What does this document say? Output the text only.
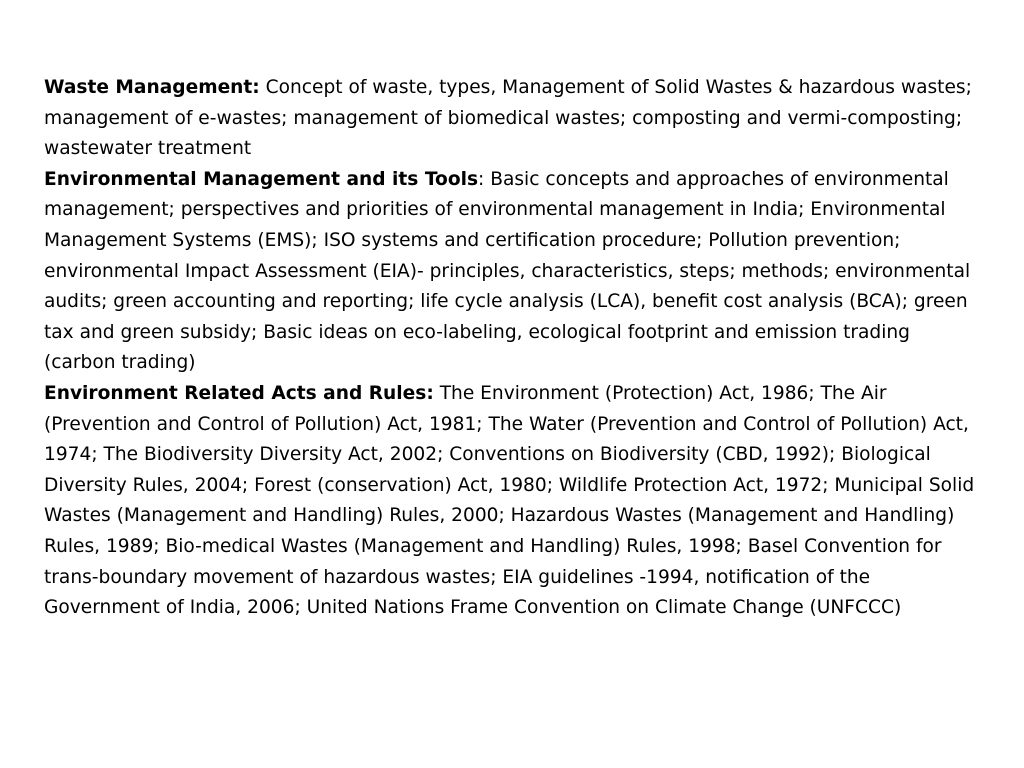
Waste Management: Concept of waste, types, Management of Solid Wastes & hazardous wastes; management of e-wastes; management of biomedical wastes; composting and vermi-composting; wastewater treatment

Environmental Management and its Tools: Basic concepts and approaches of environmental management; perspectives and priorities of environmental management in India; Environmental Management Systems (EMS); ISO systems and certification procedure; Pollution prevention; environmental Impact Assessment (EIA)- principles, characteristics, steps; methods; environmental audits; green accounting and reporting; life cycle analysis (LCA), benefit cost analysis (BCA); green tax and green subsidy; Basic ideas on eco-labeling, ecological footprint and emission trading (carbon trading)

Environment Related Acts and Rules: The Environment (Protection) Act, 1986; The Air (Prevention and Control of Pollution) Act, 1981; The Water (Prevention and Control of Pollution) Act, 1974; The Biodiversity Diversity Act, 2002; Conventions on Biodiversity (CBD, 1992); Biological Diversity Rules, 2004; Forest (conservation) Act, 1980; Wildlife Protection Act, 1972; Municipal Solid Wastes (Management and Handling) Rules, 2000; Hazardous Wastes (Management and Handling) Rules, 1989; Bio-medical Wastes (Management and Handling) Rules, 1998; Basel Convention for trans-boundary movement of hazardous wastes; EIA guidelines -1994, notification of the Government of India, 2006; United Nations Frame Convention on Climate Change (UNFCCC)
